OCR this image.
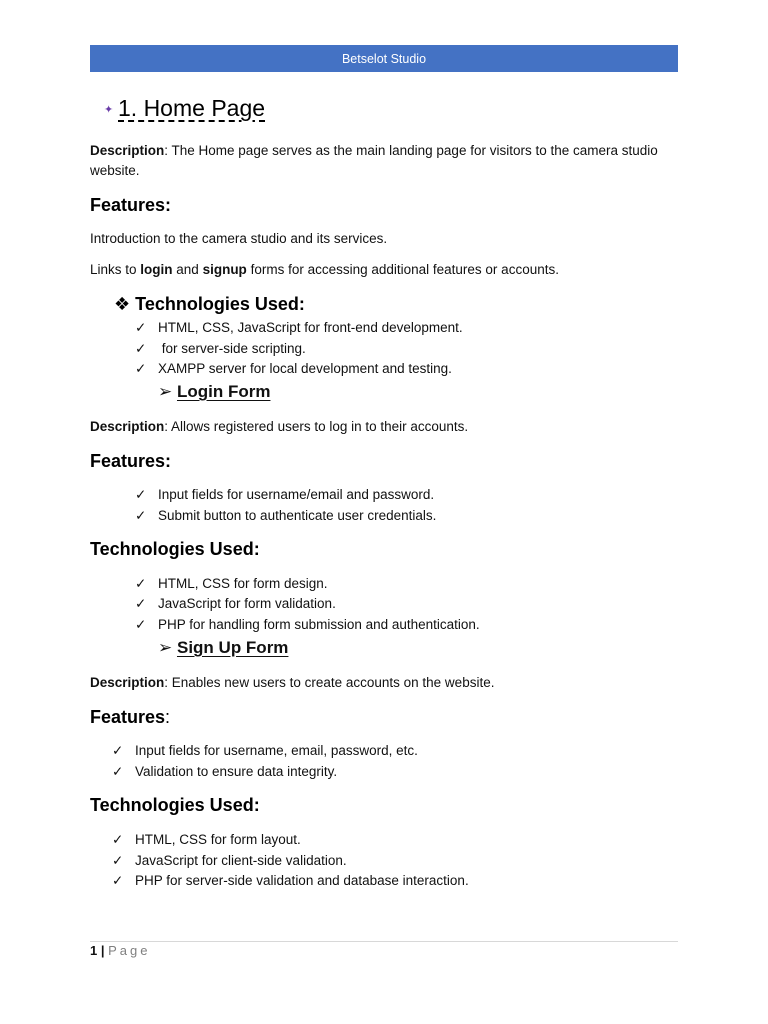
Betselot Studio
✦ 1. Home Page
Description: The Home page serves as the main landing page for visitors to the camera studio website.
Features:
Introduction to the camera studio and its services.
Links to login and signup forms for accessing additional features or accounts.
❖ Technologies Used:
✓ HTML, CSS, JavaScript for front-end development.
✓ for server-side scripting.
✓ XAMPP server for local development and testing.
➢ Login Form
Description: Allows registered users to log in to their accounts.
Features:
✓ Input fields for username/email and password.
✓ Submit button to authenticate user credentials.
Technologies Used:
✓ HTML, CSS for form design.
✓ JavaScript for form validation.
✓ PHP for handling form submission and authentication.
➢ Sign Up Form
Description: Enables new users to create accounts on the website.
Features:
✓ Input fields for username, email, password, etc.
✓ Validation to ensure data integrity.
Technologies Used:
✓ HTML, CSS for form layout.
✓ JavaScript for client-side validation.
✓ PHP for server-side validation and database interaction.
1 | Page
